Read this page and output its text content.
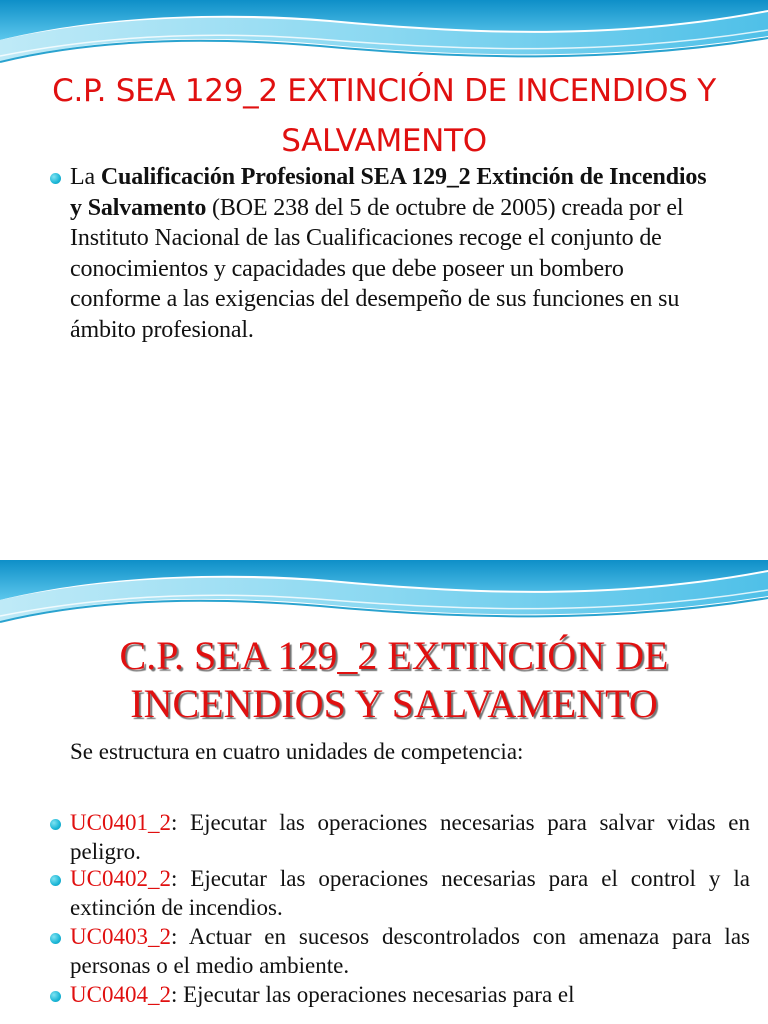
C.P. SEA 129_2 EXTINCIÓN DE INCENDIOS Y SALVAMENTO

La Cualificación Profesional SEA 129_2 Extinción de Incendios y Salvamento (BOE 238 del 5 de octubre de 2005) creada por el Instituto Nacional de las Cualificaciones recoge el conjunto de conocimientos y capacidades que debe poseer un bombero conforme a las exigencias del desempeño de sus funciones en su ámbito profesional.

C.P. SEA 129_2 EXTINCIÓN DE INCENDIOS Y SALVAMENTO

Se estructura en cuatro unidades de competencia:

UC0401_2: Ejecutar las operaciones necesarias para salvar vidas en peligro.

UC0402_2: Ejecutar las operaciones necesarias para el control y la extinción de incendios.

UC0403_2: Actuar en sucesos descontrolados con amenaza para las personas o el medio ambiente.

UC0404_2: Ejecutar las operaciones necesarias para el
